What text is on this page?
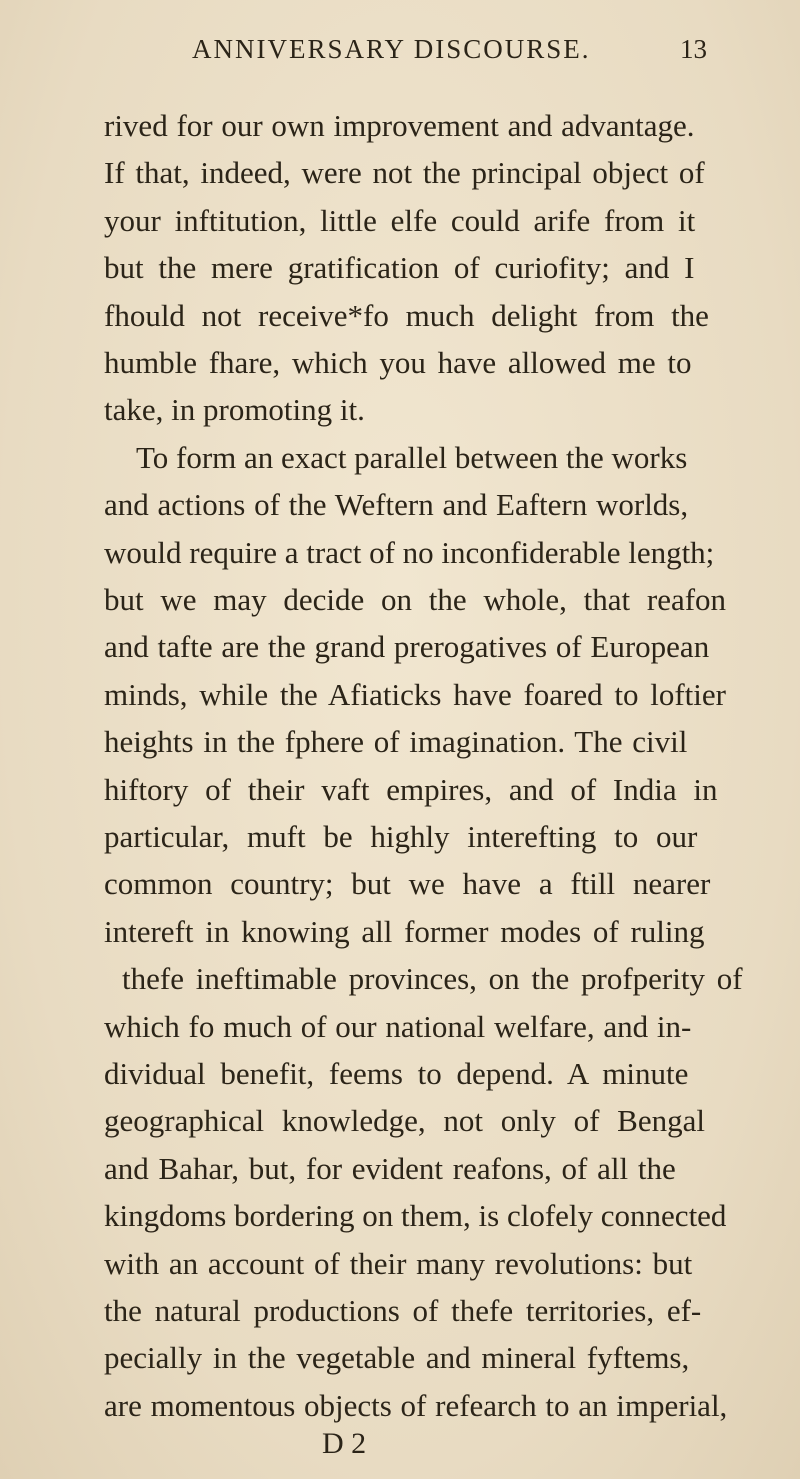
ANNIVERSARY DISCOURSE.	13
rived for our own improvement and advantage.
If that, indeed, were not the principal object of
your inftitution, little elfe could arife from it
but the mere gratification of curiofity; and I
fhould not receive*fo much delight from the
humble fhare, which you have allowed me to
take, in promoting it.
To form an exact parallel between the works
and actions of the Weftern and Eaftern worlds,
would require a tract of no inconfiderable length;
but we may decide on the whole, that reafon
and tafte are the grand prerogatives of European
minds, while the Afiaticks have foared to loftier
heights in the fphere of imagination. The civil
hiftory of their vaft empires, and of India in
particular, muft be highly interefting to our
common country; but we have a ftill nearer
intereft in knowing all former modes of ruling
thefe ineftimable provinces, on the profperity of
which fo much of our national welfare, and in-
dividual benefit, feems to depend. A minute
geographical knowledge, not only of Bengal
and Bahar, but, for evident reafons, of all the
kingdoms bordering on them, is clofely connected
with an account of their many revolutions: but
the natural productions of thefe territories, ef-
pecially in the vegetable and mineral fyftems,
are momentous objects of refearch to an imperial,
D 2
